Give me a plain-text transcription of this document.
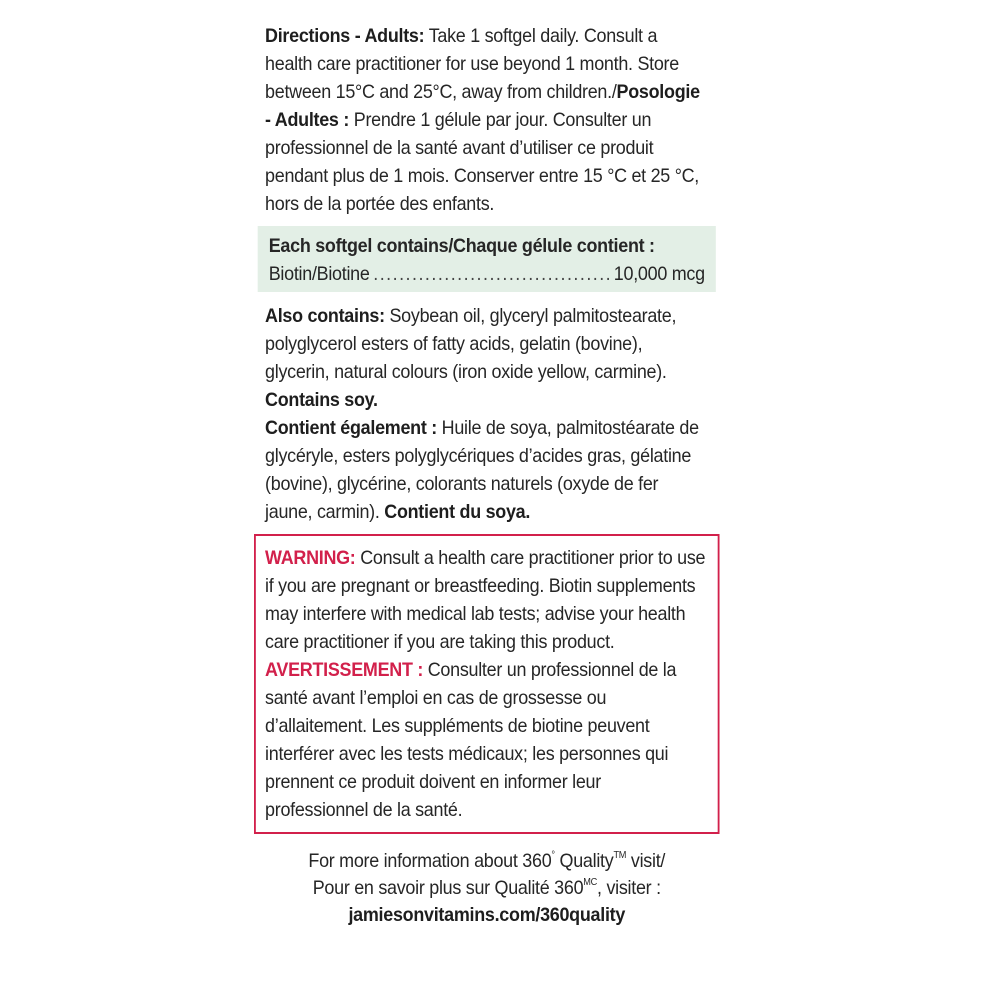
Directions - Adults: Take 1 softgel daily. Consult a health care practitioner for use beyond 1 month. Store between 15°C and 25°C, away from children./Posologie - Adultes : Prendre 1 gélule par jour. Consulter un professionnel de la santé avant d’utiliser ce produit pendant plus de 1 mois. Conserver entre 15 °C et 25 °C, hors de la portée des enfants.

Each softgel contains/Chaque gélule contient :
Biotin/Biotine .....	10,000 mcg

Also contains: Soybean oil, glyceryl palmitostearate, polyglycerol esters of fatty acids, gelatin (bovine), glycerin, natural colours (iron oxide yellow, carmine). Contains soy.

Contient également : Huile de soya, palmitostéarate de glycéryle, esters polyglycériques d’acides gras, gélatine (bovine), glycérine, colorants naturels (oxyde de fer jaune, carmin). Contient du soya.

WARNING: Consult a health care practitioner prior to use if you are pregnant or breastfeeding. Biotin supplements may interfere with medical lab tests; advise your health care practitioner if you are taking this product.

AVERTISSEMENT : Consulter un professionnel de la santé avant l’emploi en cas de grossesse ou d’allaitement. Les suppléments de biotine peuvent interférer avec les tests médicaux; les personnes qui prennent ce produit doivent en informer leur professionnel de la santé.

For more information about 360° Quality™ visit/
Pour en savoir plus sur Qualité $360^{MC}$, visiter :
jamiesonvitamins.com/360quality
